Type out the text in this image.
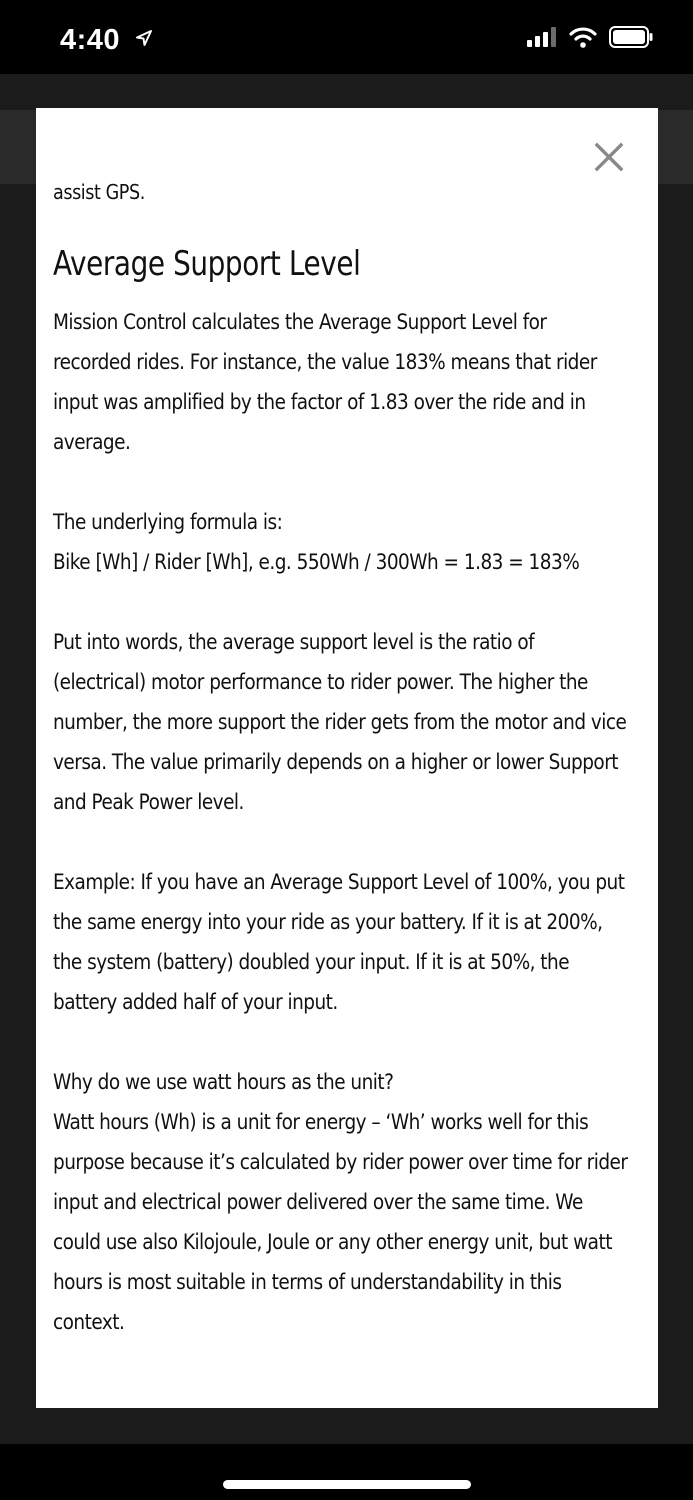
4:40
assist GPS.
Average Support Level

Mission Control calculates the Average Support Level for
recorded rides. For instance, the value 183% means that rider
input was amplified by the factor of 1.83 over the ride and in
average.

The underlying formula is:
Bike [Wh] / Rider [Wh], e.g. 550Wh / 300Wh = 1.83 = 183%

Put into words, the average support level is the ratio of
(electrical) motor performance to rider power. The higher the
number, the more support the rider gets from the motor and vice
versa. The value primarily depends on a higher or lower Support
and Peak Power level.

Example: If you have an Average Support Level of 100%, you put
the same energy into your ride as your battery. If it is at 200%,
the system (battery) doubled your input. If it is at 50%, the
battery added half of your input.

Why do we use watt hours as the unit?
Watt hours (Wh) is a unit for energy – ‘Wh’ works well for this
purpose because it’s calculated by rider power over time for rider
input and electrical power delivered over the same time. We
could use also Kilojoule, Joule or any other energy unit, but watt
hours is most suitable in terms of understandability in this
context.
